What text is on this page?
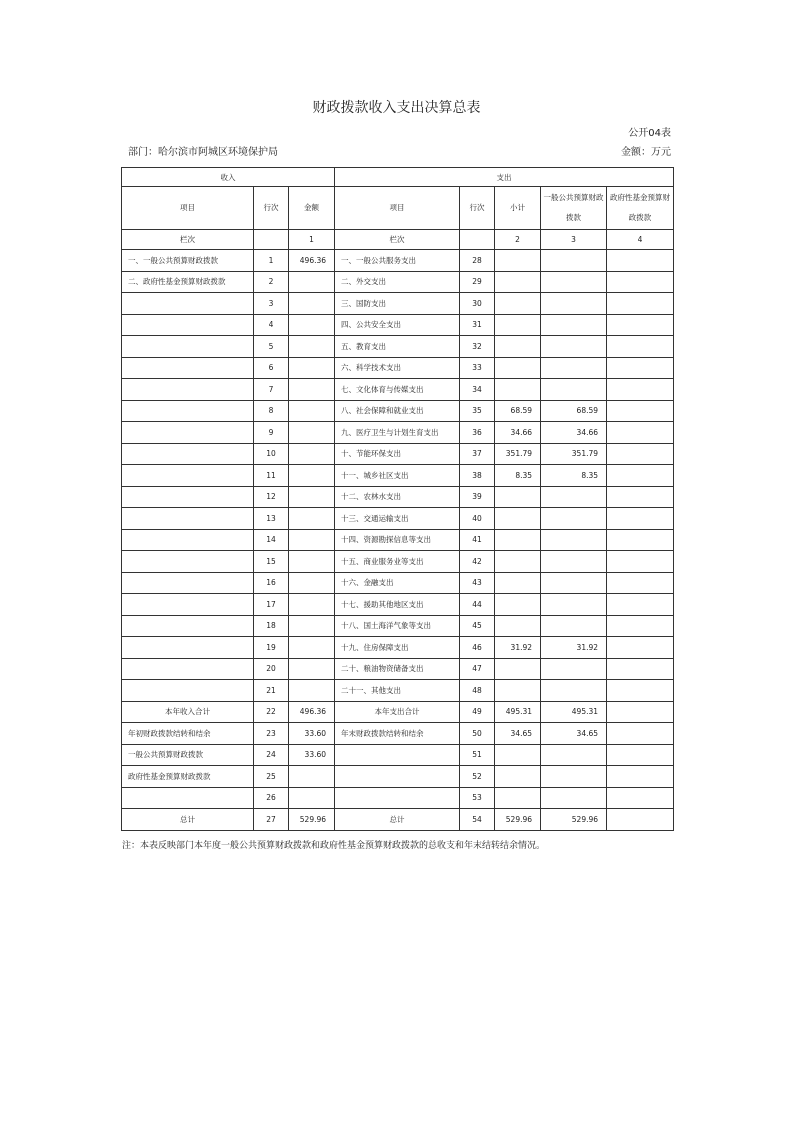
财政拨款收入支出决算总表
公开04表
部门：哈尔滨市阿城区环境保护局	金额：万元
收入			支出				
项目	行次	金额	项目	行次	小计	一般公共预算财政拨款	政府性基金预算财政拨款
栏次		1	栏次		2	3	4
一、一般公共预算财政拨款	1	496.36	一、一般公共服务支出	28			
二、政府性基金预算财政拨款	2		二、外交支出	29			
	3		三、国防支出	30			
	4		四、公共安全支出	31			
	5		五、教育支出	32			
	6		六、科学技术支出	33			
	7		七、文化体育与传媒支出	34			
	8		八、社会保障和就业支出	35	68.59	68.59	
	9		九、医疗卫生与计划生育支出	36	34.66	34.66	
	10		十、节能环保支出	37	351.79	351.79	
	11		十一、城乡社区支出	38	8.35	8.35	
	12		十二、农林水支出	39			
	13		十三、交通运输支出	40			
	14		十四、资源勘探信息等支出	41			
	15		十五、商业服务业等支出	42			
	16		十六、金融支出	43			
	17		十七、援助其他地区支出	44			
	18		十八、国土海洋气象等支出	45			
	19		十九、住房保障支出	46	31.92	31.92	
	20		二十、粮油物资储备支出	47			
	21		二十一、其他支出	48			
本年收入合计	22	496.36	本年支出合计	49	495.31	495.31	
年初财政拨款结转和结余	23	33.60	年末财政拨款结转和结余	50	34.65	34.65	
一般公共预算财政拨款	24	33.60		51			
政府性基金预算财政拨款	25			52			
	26			53			
总计	27	529.96	总计	54	529.96	529.96	
注：本表反映部门本年度一般公共预算财政拨款和政府性基金预算财政拨款的总收支和年末结转结余情况。
